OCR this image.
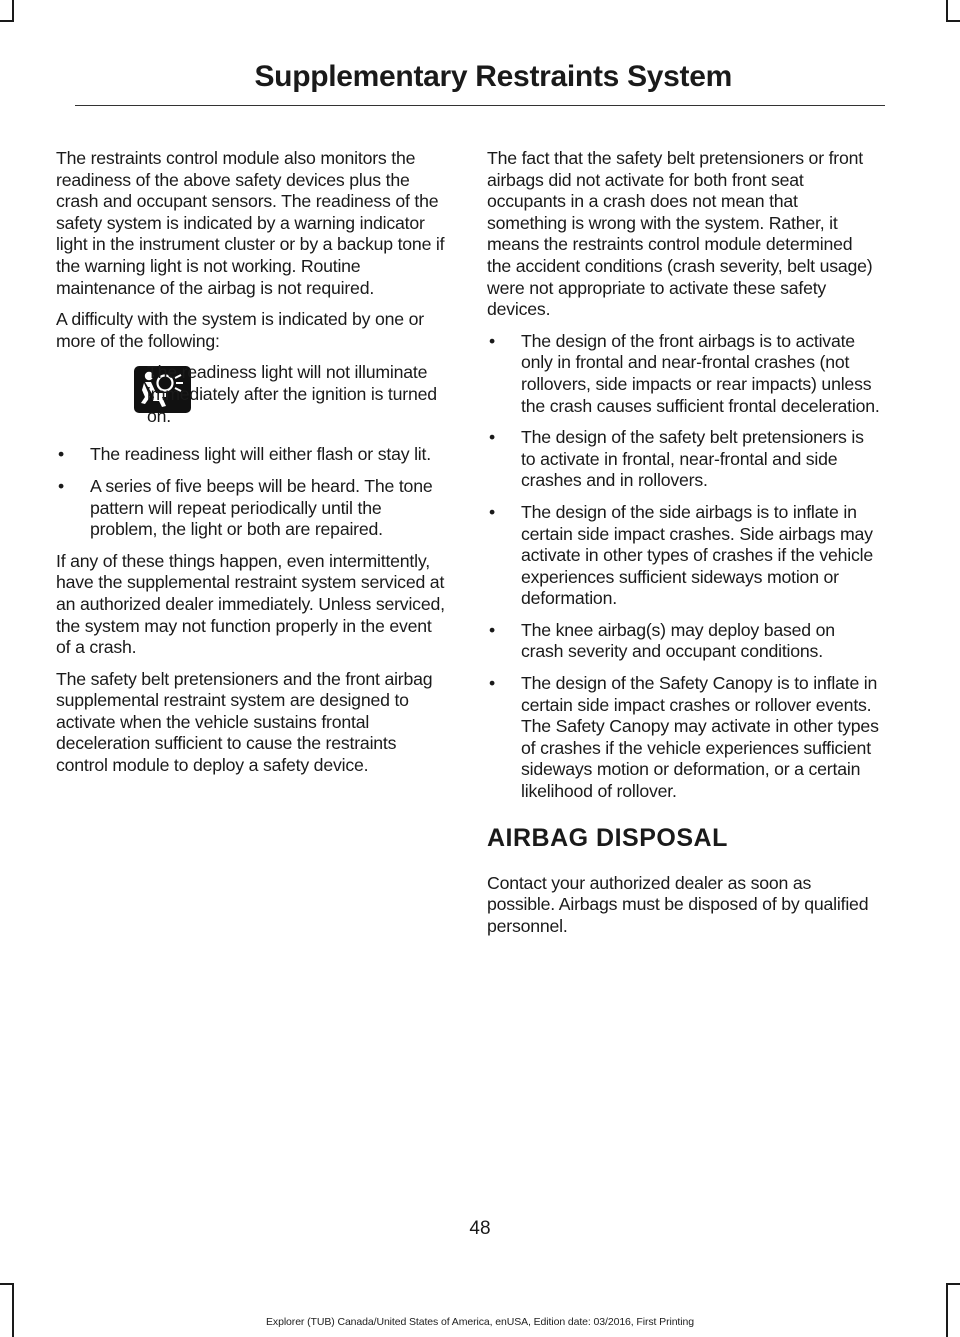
Supplementary Restraints System

The restraints control module also monitors the readiness of the above safety devices plus the crash and occupant sensors. The readiness of the safety system is indicated by a warning indicator light in the instrument cluster or by a backup tone if the warning light is not working. Routine maintenance of the airbag is not required.

A difficulty with the system is indicated by one or more of the following:

The readiness light will not illuminate immediately after the ignition is turned on.

• The readiness light will either flash or stay lit.
• A series of five beeps will be heard. The tone pattern will repeat periodically until the problem, the light or both are repaired.

If any of these things happen, even intermittently, have the supplemental restraint system serviced at an authorized dealer immediately. Unless serviced, the system may not function properly in the event of a crash.

The safety belt pretensioners and the front airbag supplemental restraint system are designed to activate when the vehicle sustains frontal deceleration sufficient to cause the restraints control module to deploy a safety device.

The fact that the safety belt pretensioners or front airbags did not activate for both front seat occupants in a crash does not mean that something is wrong with the system. Rather, it means the restraints control module determined the accident conditions (crash severity, belt usage) were not appropriate to activate these safety devices.

• The design of the front airbags is to activate only in frontal and near-frontal crashes (not rollovers, side impacts or rear impacts) unless the crash causes sufficient frontal deceleration.
• The design of the safety belt pretensioners is to activate in frontal, near-frontal and side crashes and in rollovers.
• The design of the side airbags is to inflate in certain side impact crashes. Side airbags may activate in other types of crashes if the vehicle experiences sufficient sideways motion or deformation.
• The knee airbag(s) may deploy based on crash severity and occupant conditions.
• The design of the Safety Canopy is to inflate in certain side impact crashes or rollover events. The Safety Canopy may activate in other types of crashes if the vehicle experiences sufficient sideways motion or deformation, or a certain likelihood of rollover.
AIRBAG DISPOSAL

Contact your authorized dealer as soon as possible. Airbags must be disposed of by qualified personnel.

48
Explorer (TUB) Canada/United States of America, enUSA, Edition date: 03/2016, First Printing
